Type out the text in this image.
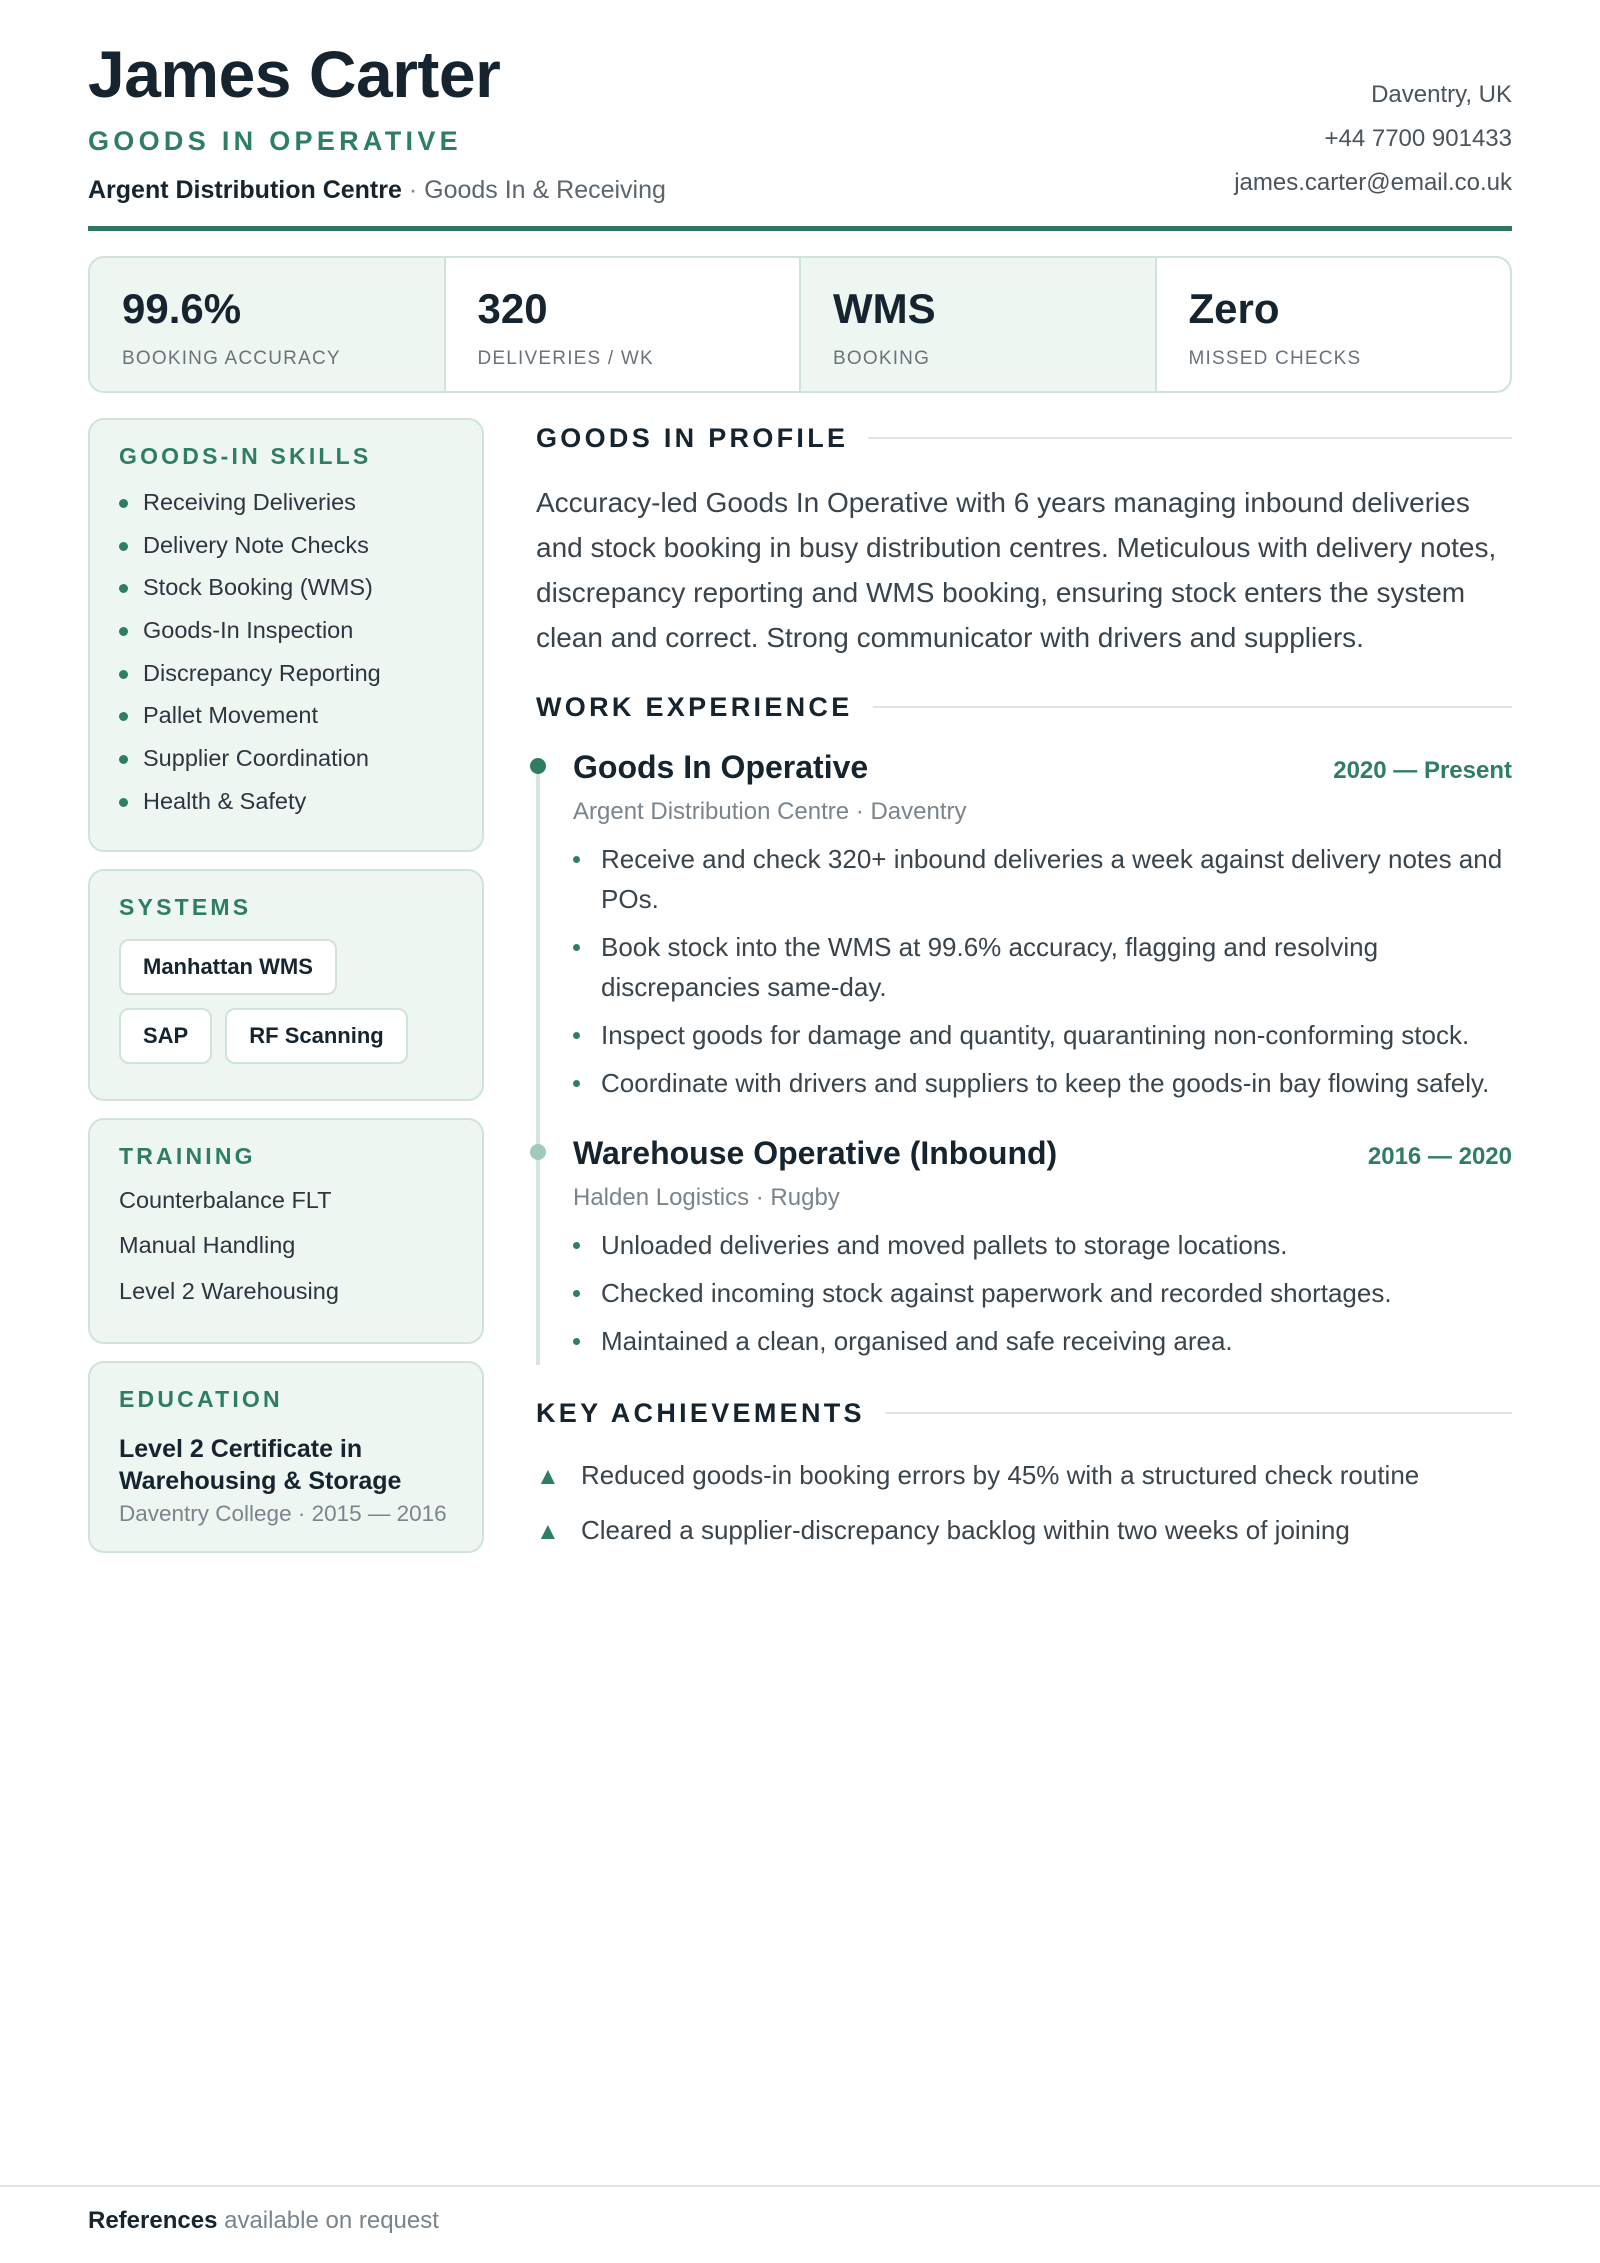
James Carter
GOODS IN OPERATIVE
Argent Distribution Centre · Goods In & Receiving
Daventry, UK
+44 7700 901433
james.carter@email.co.uk
99.6%
BOOKING ACCURACY
320
DELIVERIES / WK
WMS
BOOKING
Zero
MISSED CHECKS
GOODS-IN SKILLS
Receiving Deliveries
Delivery Note Checks
Stock Booking (WMS)
Goods-In Inspection
Discrepancy Reporting
Pallet Movement
Supplier Coordination
Health & Safety
SYSTEMS
Manhattan WMS
SAP	RF Scanning
TRAINING
Counterbalance FLT
Manual Handling
Level 2 Warehousing
EDUCATION
Level 2 Certificate in Warehousing & Storage
Daventry College · 2015 — 2016
GOODS IN PROFILE

Accuracy-led Goods In Operative with 6 years managing inbound deliveries and stock booking in busy distribution centres. Meticulous with delivery notes, discrepancy reporting and WMS booking, ensuring stock enters the system clean and correct. Strong communicator with drivers and suppliers.

WORK EXPERIENCE
Goods In Operative	2020 — Present
Argent Distribution Centre · Daventry
Receive and check 320+ inbound deliveries a week against delivery notes and POs.
Book stock into the WMS at 99.6% accuracy, flagging and resolving discrepancies same-day.
Inspect goods for damage and quantity, quarantining non-conforming stock.
Coordinate with drivers and suppliers to keep the goods-in bay flowing safely.
Warehouse Operative (Inbound)	2016 — 2020
Halden Logistics · Rugby
Unloaded deliveries and moved pallets to storage locations.
Checked incoming stock against paperwork and recorded shortages.
Maintained a clean, organised and safe receiving area.
KEY ACHIEVEMENTS
▲ Reduced goods-in booking errors by 45% with a structured check routine
▲ Cleared a supplier-discrepancy backlog within two weeks of joining
References available on request
